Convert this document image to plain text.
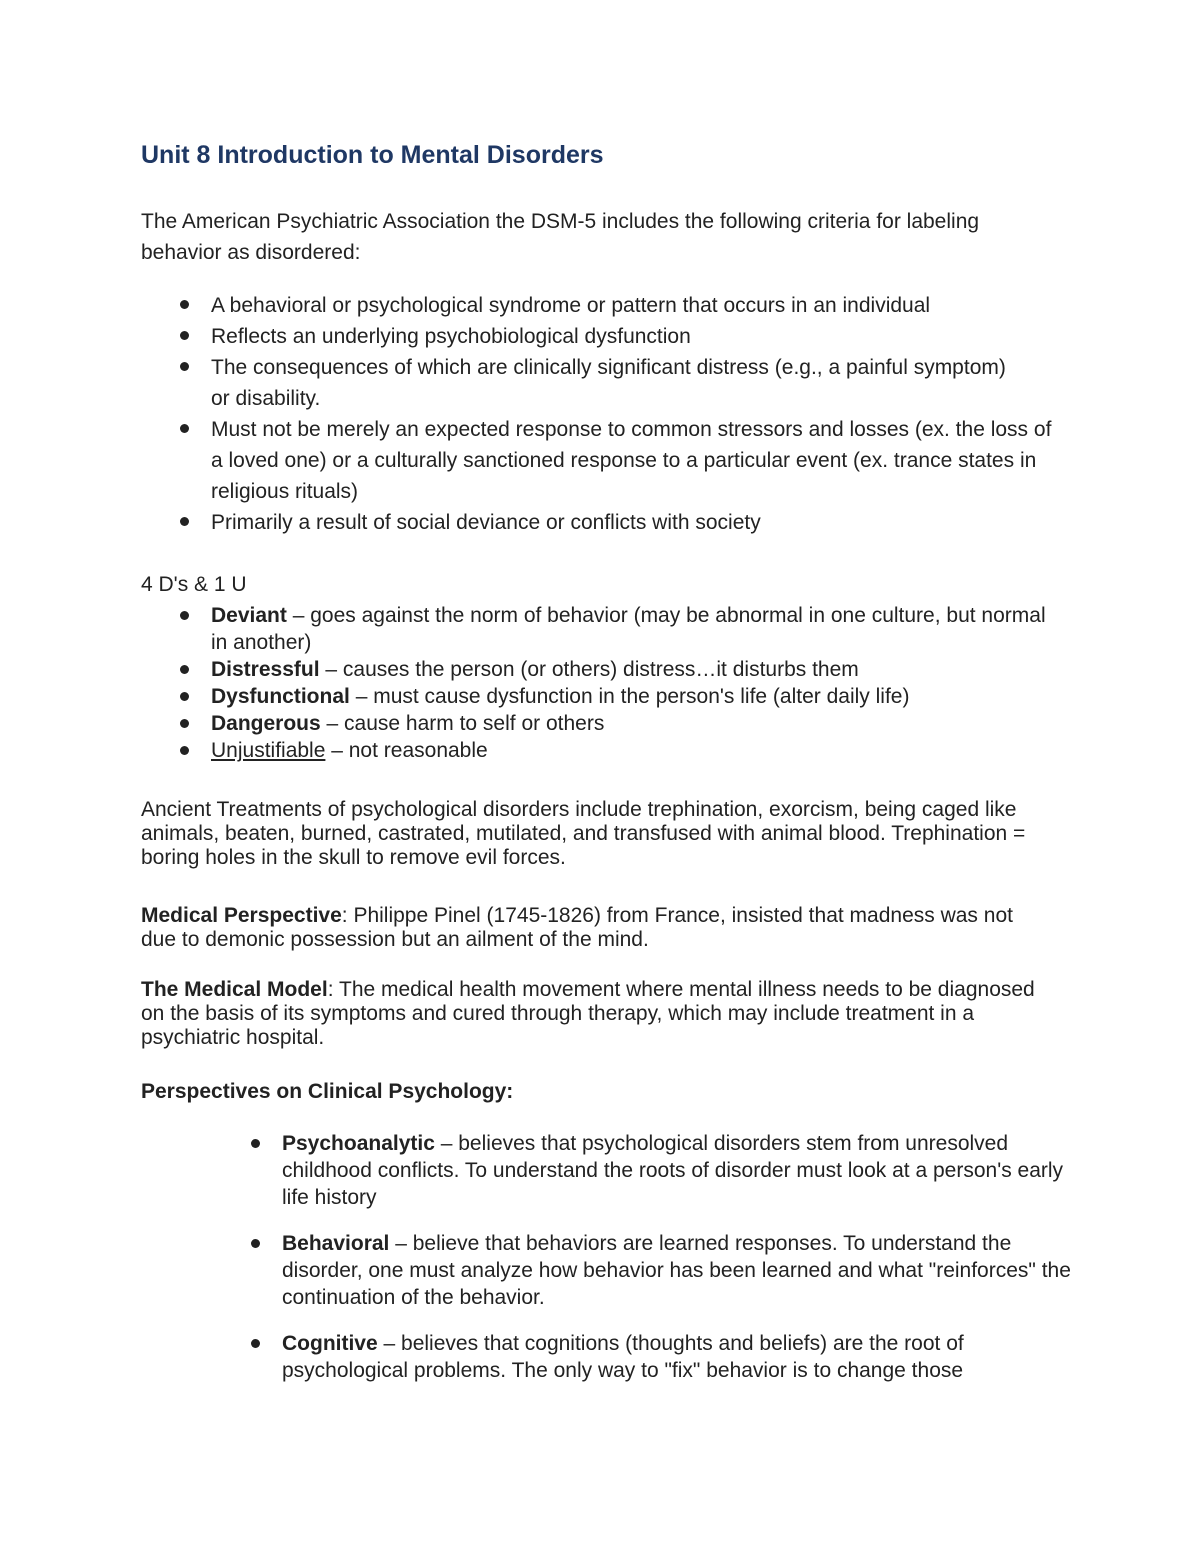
Unit 8 Introduction to Mental Disorders

The American Psychiatric Association the DSM-5 includes the following criteria for labeling behavior as disordered:

A behavioral or psychological syndrome or pattern that occurs in an individual
Reflects an underlying psychobiological dysfunction
The consequences of which are clinically significant distress (e.g., a painful symptom) or disability.
Must not be merely an expected response to common stressors and losses (ex. the loss of a loved one) or a culturally sanctioned response to a particular event (ex. trance states in religious rituals)
Primarily a result of social deviance or conflicts with society

4 D's & 1 U

Deviant – goes against the norm of behavior (may be abnormal in one culture, but normal in another)
Distressful – causes the person (or others) distress…it disturbs them
Dysfunctional – must cause dysfunction in the person's life (alter daily life)
Dangerous – cause harm to self or others
Unjustifiable – not reasonable

Ancient Treatments of psychological disorders include trephination, exorcism, being caged like animals, beaten, burned, castrated, mutilated, and transfused with animal blood. Trephination = boring holes in the skull to remove evil forces.

Medical Perspective: Philippe Pinel (1745-1826) from France, insisted that madness was not due to demonic possession but an ailment of the mind.

The Medical Model: The medical health movement where mental illness needs to be diagnosed on the basis of its symptoms and cured through therapy, which may include treatment in a psychiatric hospital.

Perspectives on Clinical Psychology:

Psychoanalytic – believes that psychological disorders stem from unresolved childhood conflicts. To understand the roots of disorder must look at a person's early life history
Behavioral – believe that behaviors are learned responses. To understand the disorder, one must analyze how behavior has been learned and what "reinforces" the continuation of the behavior.
Cognitive – believes that cognitions (thoughts and beliefs) are the root of psychological problems. The only way to "fix" behavior is to change those
